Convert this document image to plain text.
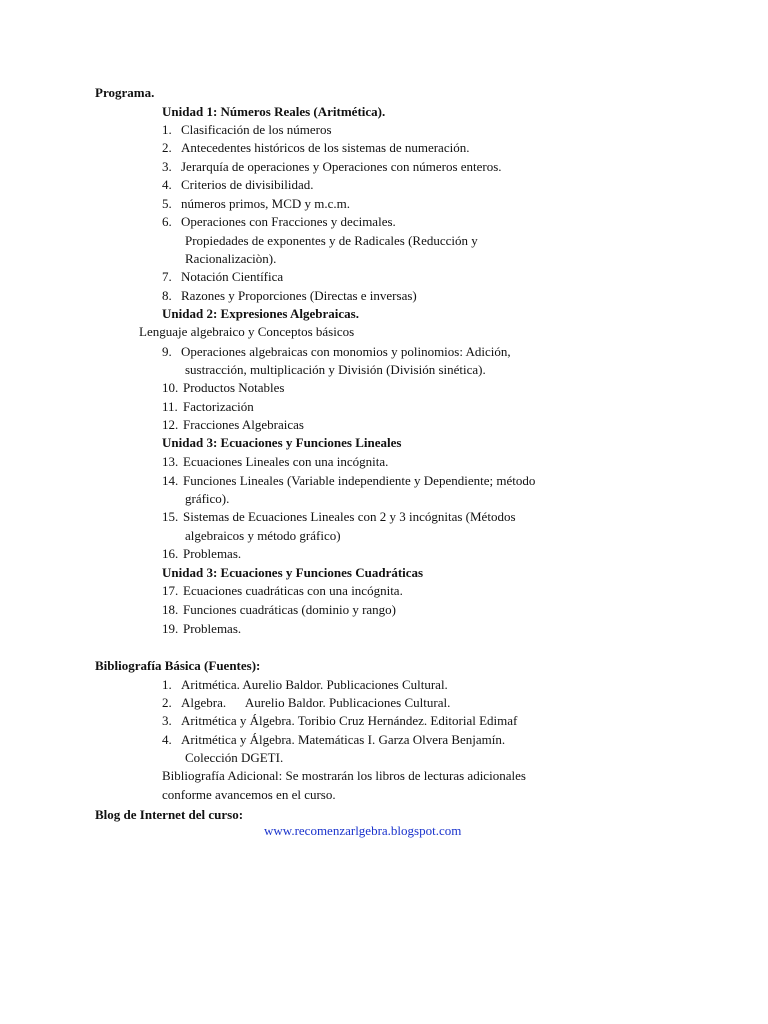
Programa.
Unidad 1: Números Reales (Aritmética).
1. Clasificación de los números
2. Antecedentes históricos de los sistemas de numeración.
3. Jerarquía de operaciones y Operaciones con números enteros.
4. Criterios de divisibilidad.
5. números primos, MCD y m.c.m.
6. Operaciones con Fracciones y decimales.
Propiedades de exponentes y de Radicales (Reducción y
Racionalizaciòn).
7. Notación Científica
8. Razones y Proporciones (Directas e inversas)
Unidad 2: Expresiones Algebraicas.
Lenguaje algebraico y Conceptos básicos
9. Operaciones algebraicas con monomios y polinomios: Adición,
sustracción, multiplicación y División (División sinética).
10. Productos Notables
11. Factorización
12. Fracciones Algebraicas
Unidad 3: Ecuaciones y Funciones Lineales
13. Ecuaciones Lineales con una incógnita.
14. Funciones Lineales (Variable independiente y Dependiente; método
gráfico).
15. Sistemas de Ecuaciones Lineales con 2 y 3 incógnitas (Métodos
algebraicos y método gráfico)
16. Problemas.
Unidad 3: Ecuaciones y Funciones Cuadráticas
17. Ecuaciones cuadráticas con una incógnita.
18. Funciones cuadráticas (dominio y rango)
19. Problemas.
Bibliografía Básica (Fuentes):
1. Aritmética. Aurelio Baldor. Publicaciones Cultural.
2. Algebra.      Aurelio Baldor. Publicaciones Cultural.
3. Aritmética y Álgebra. Toribio Cruz Hernández. Editorial Edimaf
4. Aritmética y Álgebra. Matemáticas I. Garza Olvera Benjamín.
Colección DGETI.
Bibliografía Adicional: Se mostrarán los libros de lecturas adicionales
conforme avancemos en el curso.
Blog de Internet del curso:
www.recomenzarlgebra.blogspot.com
